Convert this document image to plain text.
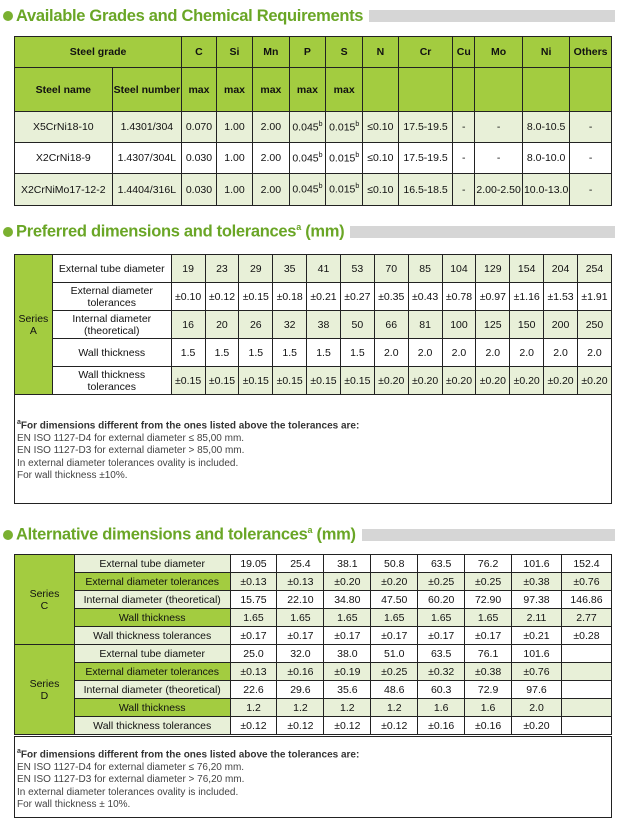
Available Grades and Chemical Requirements
Steel grade		C	Si	Mn	P	S	N	Cr	Cu	Mo	Ni	Others
Steel name	Steel number	max	max	max	max	max						
X5CrNi18-10	1.4301/304	0.070	1.00	2.00	0.045$^b$	0.015$^b$	≤0.10	17.5-19.5	-	-	8.0-10.5	-
X2CrNi18-9	1.4307/304L	0.030	1.00	2.00	0.045$^b$	0.015$^b$	≤0.10	17.5-19.5	-	-	8.0-10.0	-
X2CrNiMo17-12-2	1.4404/316L	0.030	1.00	2.00	0.045$^b$	0.015$^b$	≤0.10	16.5-18.5	-	2.00-2.50	10.0-13.0	-
Preferred dimensions and tolerances$^a$ (mm)
Series
A	External tube diameter	19	23	29	35	41	53	70	85	104	129	154	204	254
	External diameter tolerances	±0.10	±0.12	±0.15	±0.18	±0.21	±0.27	±0.35	±0.43	±0.78	±0.97	±1.16	±1.53	±1.91
	Internal diameter (theoretical)	16	20	26	32	38	50	66	81	100	125	150	200	250
	Wall thickness	1.5	1.5	1.5	1.5	1.5	1.5	2.0	2.0	2.0	2.0	2.0	2.0	2.0
	Wall thickness tolerances	±0.15	±0.15	±0.15	±0.15	±0.15	±0.15	±0.20	±0.20	±0.20	±0.20	±0.20	±0.20	±0.20
$^a$For dimensions different from the ones listed above the tolerances are:
EN ISO 1127-D4 for external diameter ≤ 85,00 mm.
EN ISO 1127-D3 for external diameter > 85,00 mm.
In external diameter tolerances ovality is included.
For wall thickness ±10%.
Alternative dimensions and tolerances$^a$ (mm)
Series
C	External tube diameter	19.05	25.4	38.1	50.8	63.5	76.2	101.6	152.4
	External diameter tolerances	±0.13	±0.13	±0.20	±0.20	±0.25	±0.25	±0.38	±0.76
	Internal diameter (theoretical)	15.75	22.10	34.80	47.50	60.20	72.90	97.38	146.86
	Wall thickness	1.65	1.65	1.65	1.65	1.65	1.65	2.11	2.77
	Wall thickness tolerances	±0.17	±0.17	±0.17	±0.17	±0.17	±0.17	±0.21	±0.28
Series
D	External tube diameter	25.0	32.0	38.0	51.0	63.5	76.1	101.6	
	External diameter tolerances	±0.13	±0.16	±0.19	±0.25	±0.32	±0.38	±0.76	
	Internal diameter (theoretical)	22.6	29.6	35.6	48.6	60.3	72.9	97.6	
	Wall thickness	1.2	1.2	1.2	1.2	1.6	1.6	2.0	
	Wall thickness tolerances	±0.12	±0.12	±0.12	±0.12	±0.16	±0.16	±0.20	
$^a$For dimensions different from the ones listed above the tolerances are:
EN ISO 1127-D4 for external diameter ≤ 76,20 mm.
EN ISO 1127-D3 for external diameter > 76,20 mm.
In external diameter tolerances ovality is included.
For wall thickness ± 10%.
